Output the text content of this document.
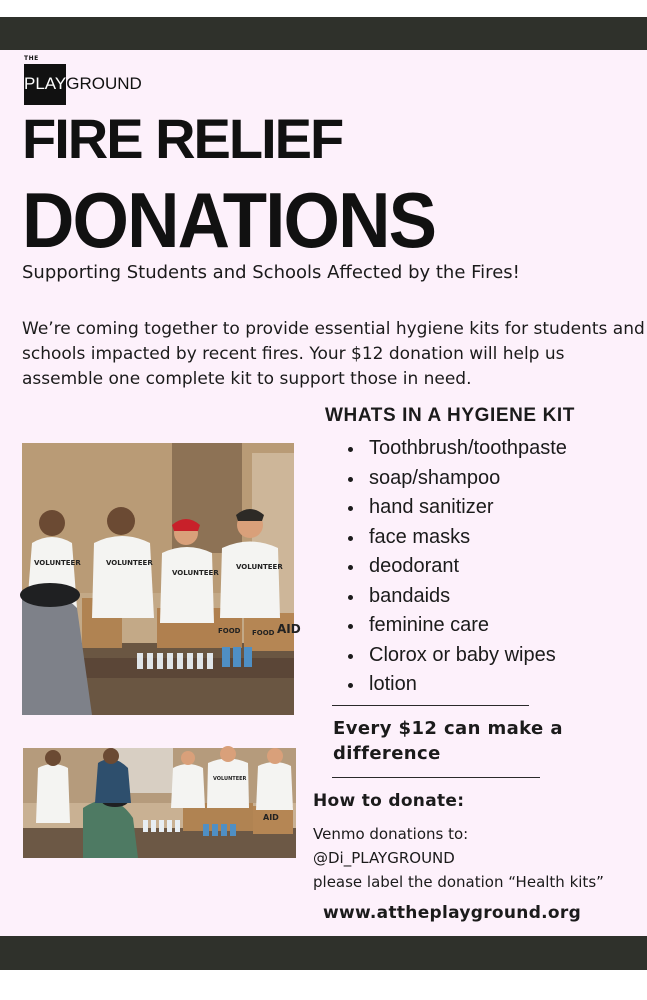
THE
PLAYGROUND
FIRE RELIEF
DONATIONS
Supporting Students and Schools Affected by the Fires!
We’re coming together to provide essential hygiene kits for students and schools impacted by recent fires. Your $12 donation will help us assemble one complete kit to support those in need.
VOLUNTEER	VOLUNTEER
VOLUNTEER
VOLUNTEER
FOOD FOOD AID
WHATS IN A HYGIENE KIT
Toothbrush/toothpaste
soap/shampoo
hand sanitizer
face masks
deodorant
bandaids
feminine care
Clorox or baby wipes
lotion
Every $12 can make a difference
VOLUNTEER
AID
How to donate:
Venmo donations to:
@Di_PLAYGROUND
please label the donation “Health kits”
www.attheplayground.org
